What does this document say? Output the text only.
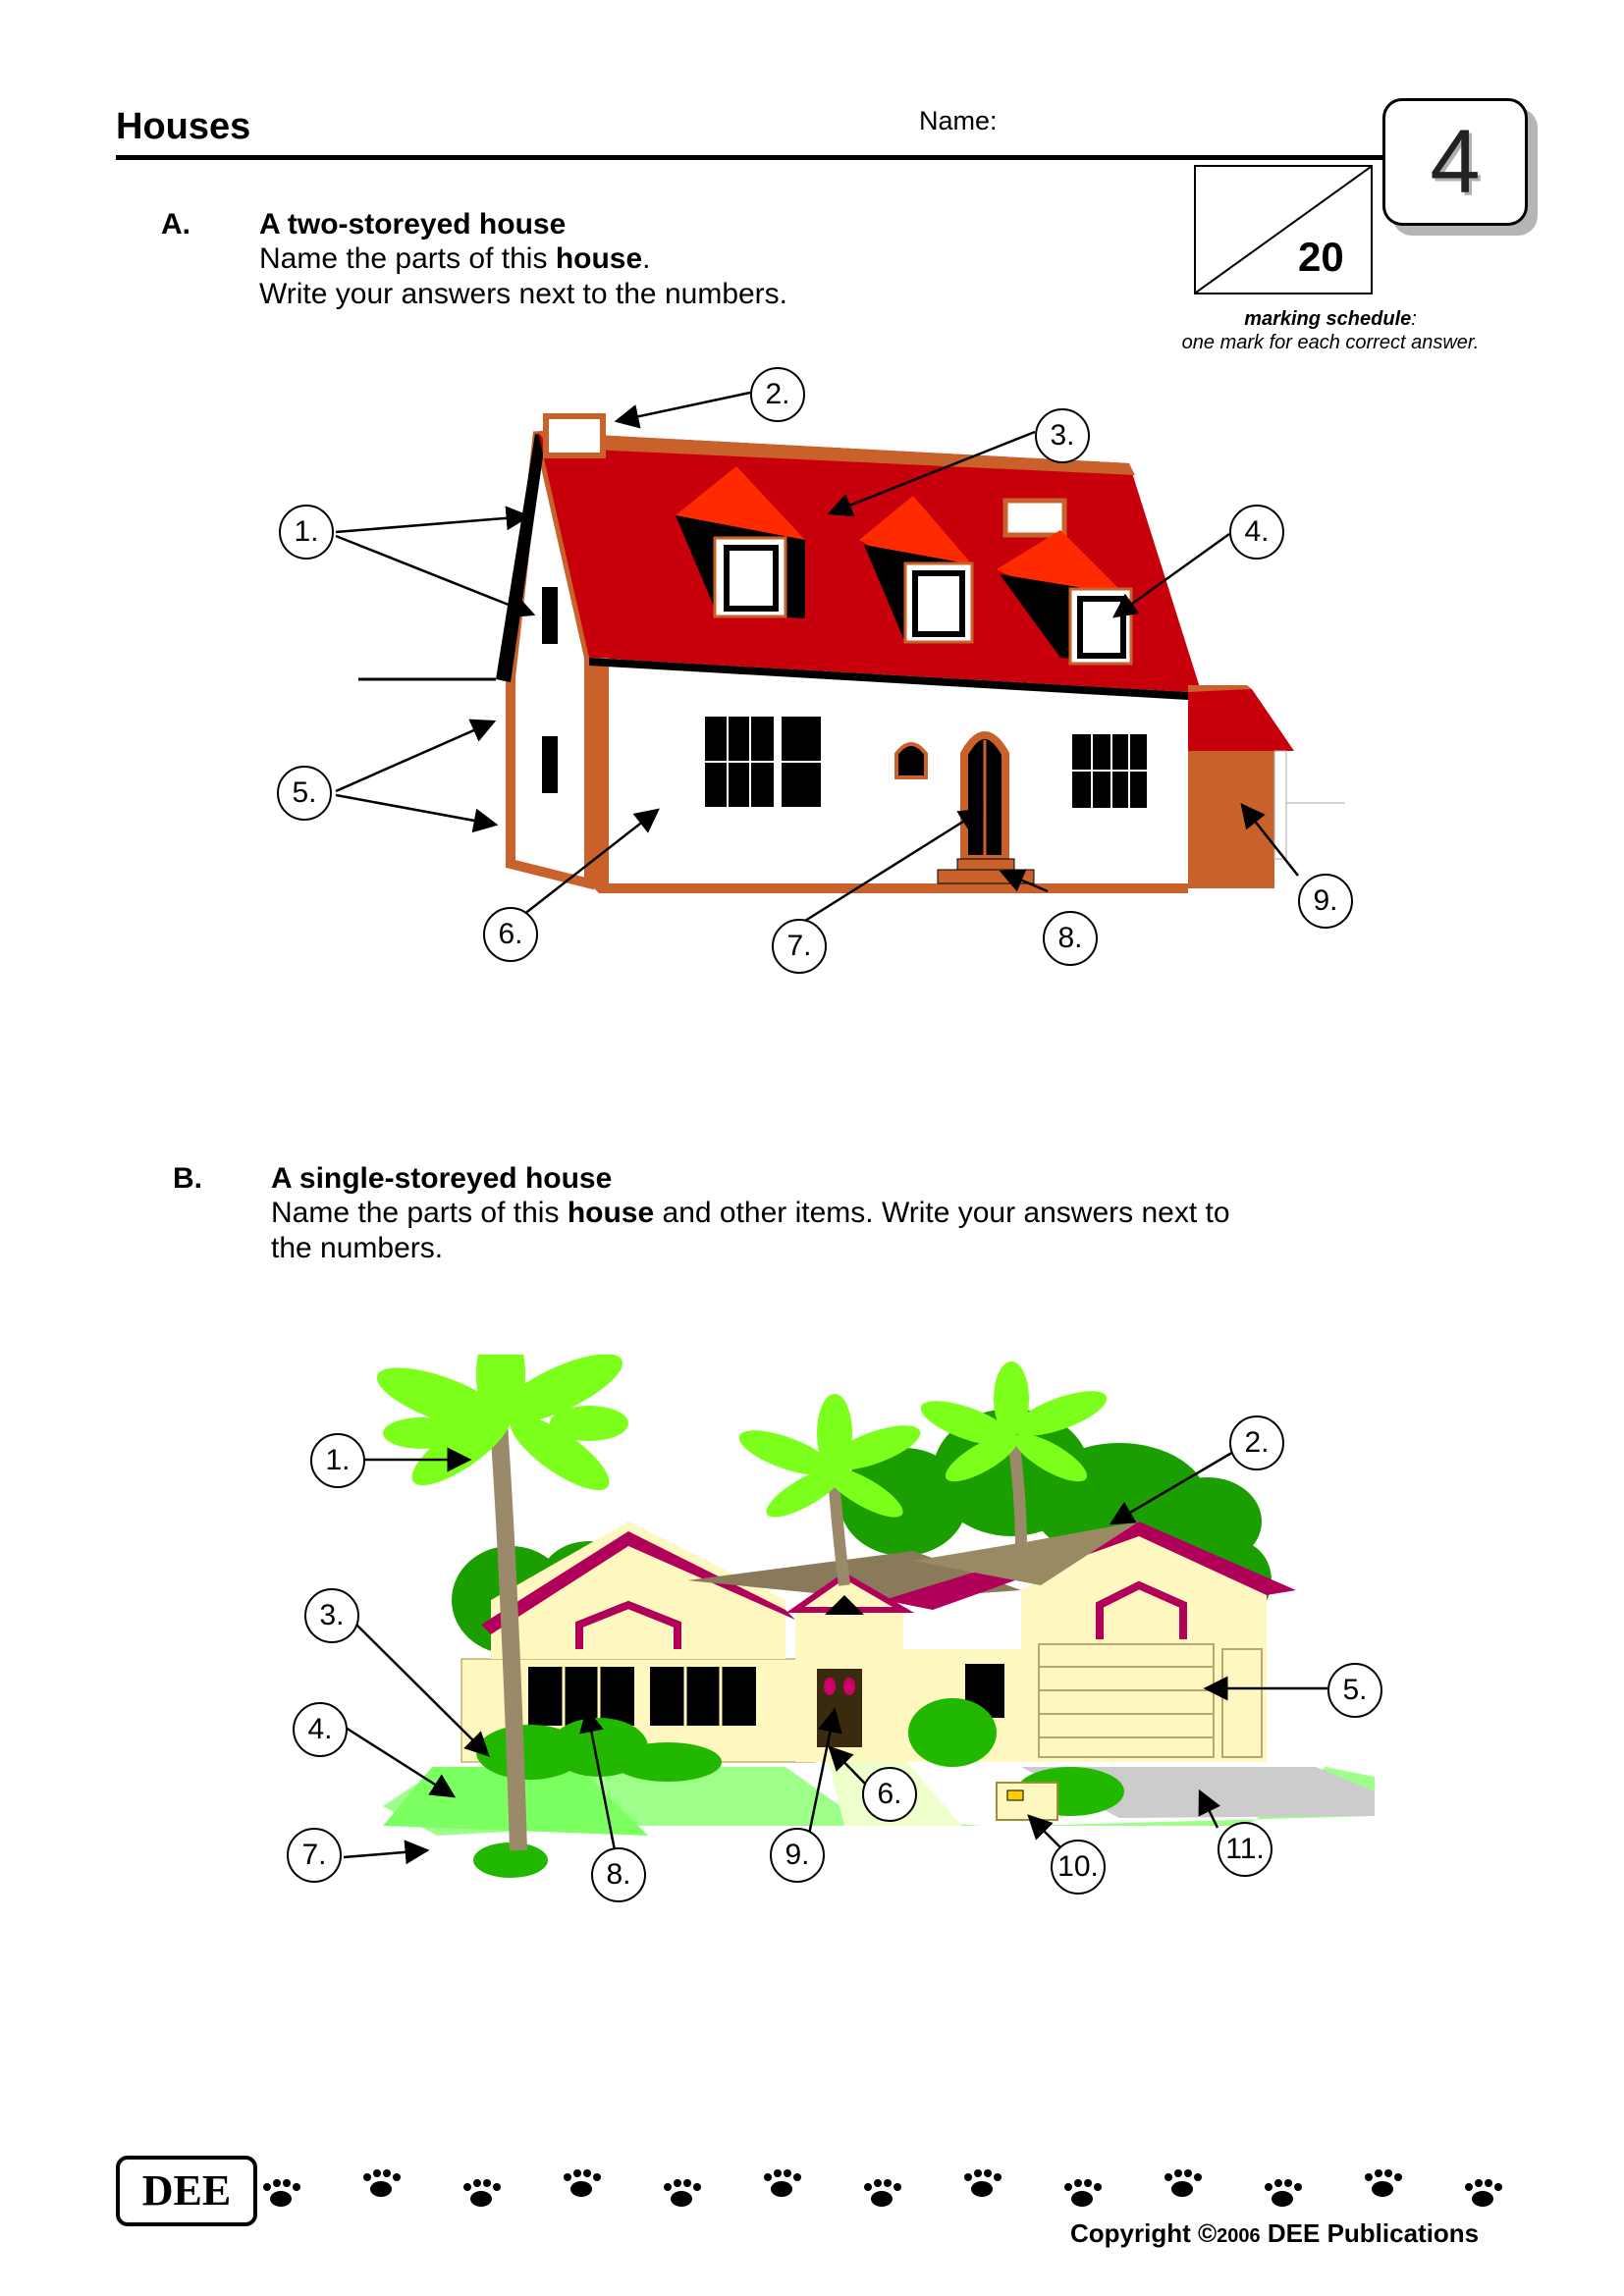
Houses	Name:
20
4
marking schedule:
one mark for each correct answer.
A. A two-storeyed house
Name the parts of this house.
Write your answers next to the numbers.
1.
2.
3.
4.
5.
6.	7.	8.
9.
B. A single-storeyed house
Name the parts of this house and other items. Write your answers next to
the numbers.
1.
2.
3.
4.
5.
6.
7.
8.
9.	10.
11.
DEE
Copyright ©2006 DEE Publications
